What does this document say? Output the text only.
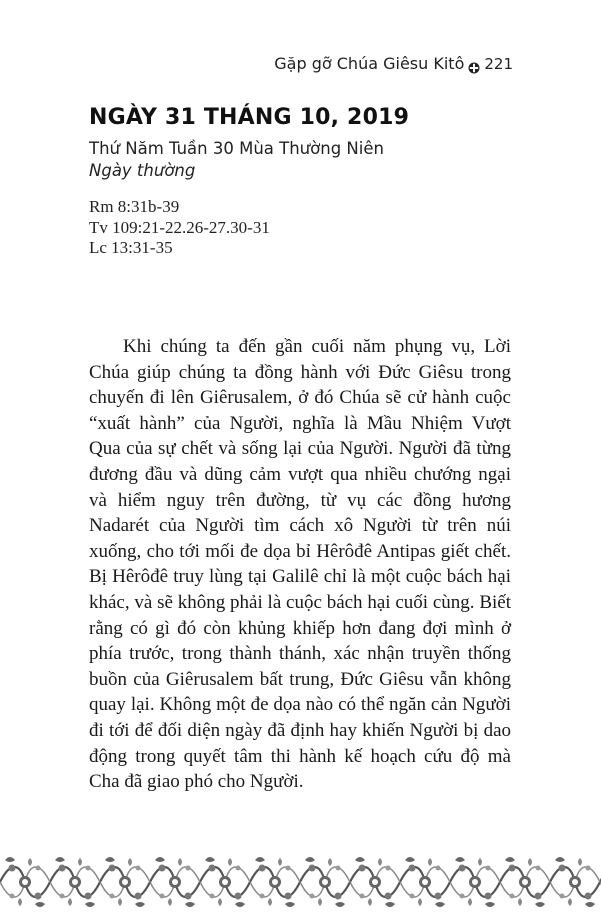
Gặp gỡ Chúa Giêsu Kitô 221
NGÀY 31 THÁNG 10, 2019
Thứ Năm Tuần 30 Mùa Thường Niên
Ngày thường
Rm 8:31b-39
Tv 109:21-22.26-27.30-31
Lc 13:31-35

Khi chúng ta đến gần cuối năm phụng vụ, Lời Chúa giúp chúng ta đồng hành với Đức Giêsu trong chuyến đi lên Giêrusalem, ở đó Chúa sẽ cử hành cuộc “xuất hành” của Người, nghĩa là Mầu Nhiệm Vượt Qua của sự chết và sống lại của Người. Người đã từng đương đầu và dũng cảm vượt qua nhiều chướng ngại và hiểm nguy trên đường, từ vụ các đồng hương Nadarét của Người tìm cách xô Người từ trên núi xuống, cho tới mối đe dọa bỉ Hêrôđê Antipas giết chết. Bị Hêrôđê truy lùng tại Galilê chỉ là một cuộc bách hại khác, và sẽ không phải là cuộc bách hại cuối cùng. Biết rằng có gì đó còn khủng khiếp hơn đang đợi mình ở phía trước, trong thành thánh, xác nhận truyền thống buồn của Giêrusalem bất trung, Đức Giêsu vẫn không quay lại. Không một đe dọa nào có thể ngăn cản Người đi tới để đối diện ngày đã định hay khiến Người bị dao động trong quyết tâm thi hành kế hoạch cứu độ mà Cha đã giao phó cho Người.
